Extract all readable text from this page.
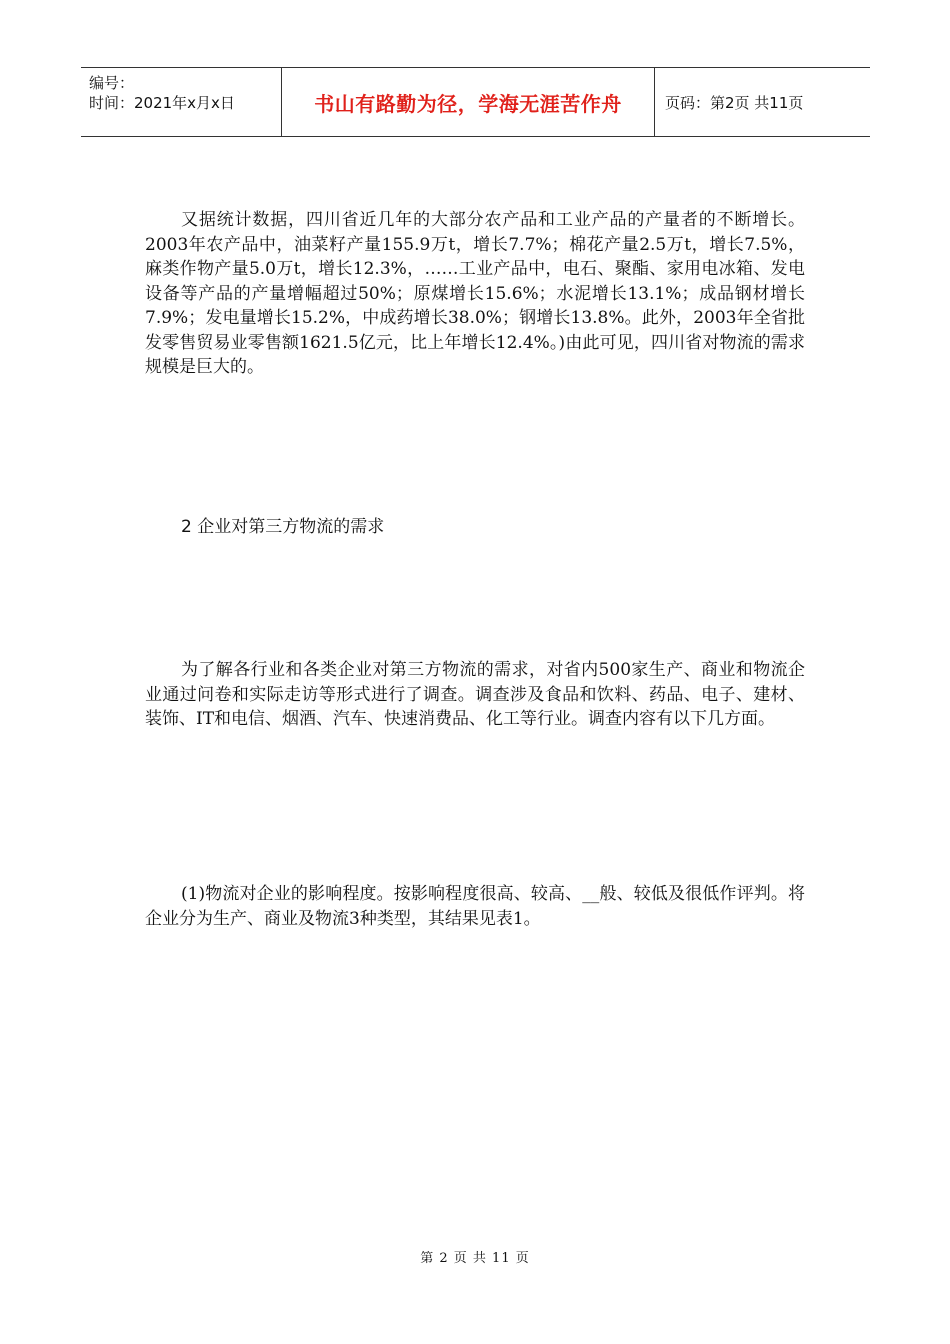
编号：
时间：2021年x月x日	书山有路勤为径，学海无涯苦作舟	页码：第2页 共11页

又据统计数据，四川省近几年的大部分农产品和工业产品的产量者的不断增长。2003年农产品中，油菜籽产量155.9万t，增长7.7%；棉花产量2.5万t，增长7.5%，麻类作物产量5.0万t，增长12.3%，……工业产品中，电石、聚酯、家用电冰箱、发电设备等产品的产量增幅超过50%；原煤增长15.6%；水泥增长13.1%；成品钢材增长7.9%；发电量增长15.2%，中成药增长38.0%；钢增长13.8%。此外，2003年全省批发零售贸易业零售额1621.5亿元，比上年增长12.4%。)由此可见，四川省对物流的需求规模是巨大的。

2 企业对第三方物流的需求

为了解各行业和各类企业对第三方物流的需求，对省内500家生产、商业和物流企业通过问卷和实际走访等形式进行了调查。调查涉及食品和饮料、药品、电子、建材、装饰、IT和电信、烟酒、汽车、快速消费品、化工等行业。调查内容有以下几方面。

(1)物流对企业的影响程度。按影响程度很高、较高、__般、较低及很低作评判。将企业分为生产、商业及物流3种类型，其结果见表1。

第 2 页 共 11 页
